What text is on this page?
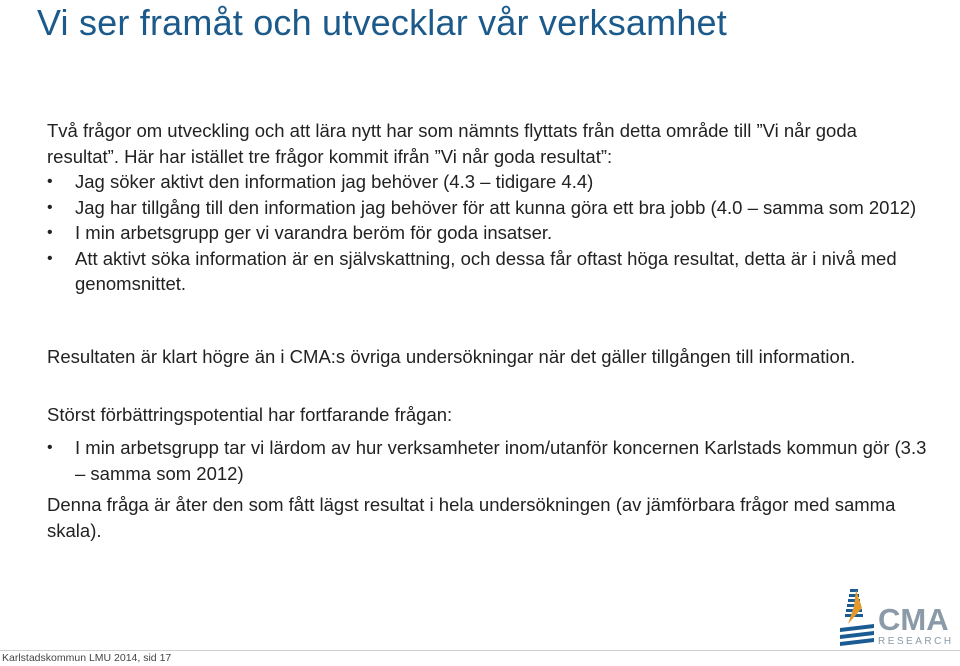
Vi ser framåt och utvecklar vår verksamhet
Två frågor om utveckling och att lära nytt har som nämnts flyttats från detta område till ”Vi når goda resultat”. Här har istället tre frågor kommit ifrån ”Vi når goda resultat”:
• Jag söker aktivt den information jag behöver (4.3 – tidigare 4.4)
• Jag har tillgång till den information jag behöver för att kunna göra ett bra jobb (4.0 – samma som 2012)
• I min arbetsgrupp ger vi varandra beröm för goda insatser.
• Att aktivt söka information är en självskattning, och dessa får oftast höga resultat, detta är i nivå med genomsnittet.
Resultaten är klart högre än i CMA:s övriga undersökningar när det gäller tillgången till information.
Störst förbättringspotential har fortfarande frågan:
• I min arbetsgrupp tar vi lärdom av hur verksamheter inom/utanför koncernen Karlstads kommun gör (3.3 – samma som 2012)
Denna fråga är åter den som fått lägst resultat i hela undersökningen (av jämförbara frågor med samma skala).
Karlstadskommun LMU 2014, sid 17
CMA
RESEARCH
